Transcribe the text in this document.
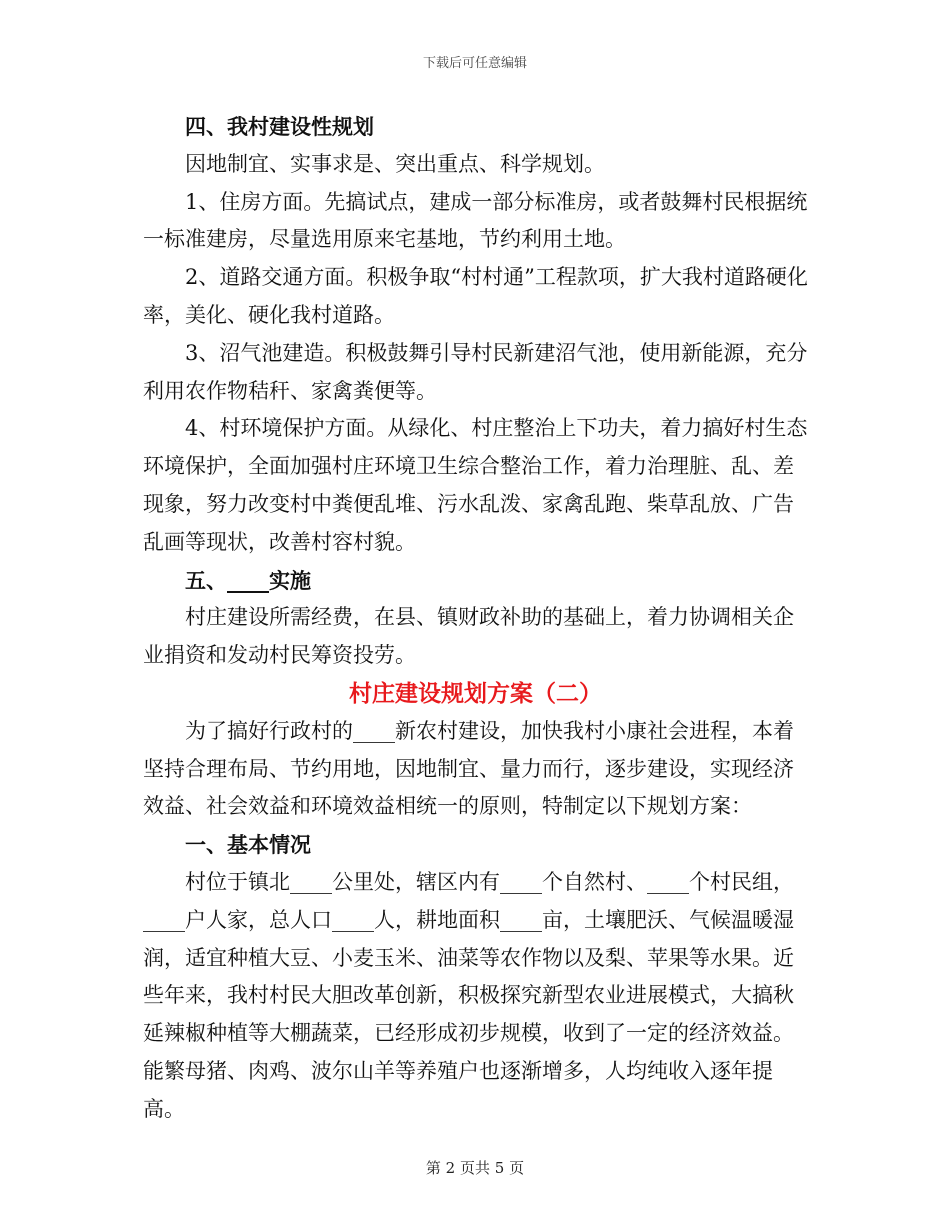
下载后可任意编辑

四、我村建设性规划

因地制宜、实事求是、突出重点、科学规划。

1、住房方面。先搞试点，建成一部分标准房，或者鼓舞村民根据统一标准建房，尽量选用原来宅基地，节约利用土地。

2、道路交通方面。积极争取“村村通”工程款项，扩大我村道路硬化率，美化、硬化我村道路。

3、沼气池建造。积极鼓舞引导村民新建沼气池，使用新能源，充分利用农作物秸秆、家禽粪便等。

4、村环境保护方面。从绿化、村庄整治上下功夫，着力搞好村生态环境保护，全面加强村庄环境卫生综合整治工作，着力治理脏、乱、差现象，努力改变村中粪便乱堆、污水乱泼、家禽乱跑、柴草乱放、广告乱画等现状，改善村容村貌。

五、____实施

村庄建设所需经费，在县、镇财政补助的基础上，着力协调相关企业捐资和发动村民筹资投劳。

村庄建设规划方案（二）

为了搞好行政村的____新农村建设，加快我村小康社会进程，本着坚持合理布局、节约用地，因地制宜、量力而行，逐步建设，实现经济效益、社会效益和环境效益相统一的原则，特制定以下规划方案：

一、基本情况

村位于镇北____公里处，辖区内有____个自然村、____个村民组，____户人家，总人口____人，耕地面积____亩，土壤肥沃、气候温暖湿润，适宜种植大豆、小麦玉米、油菜等农作物以及梨、苹果等水果。近些年来，我村村民大胆改革创新，积极探究新型农业进展模式，大搞秋延辣椒种植等大棚蔬菜，已经形成初步规模，收到了一定的经济效益。能繁母猪、肉鸡、波尔山羊等养殖户也逐渐增多，人均纯收入逐年提高。

第 2 页共 5 页
